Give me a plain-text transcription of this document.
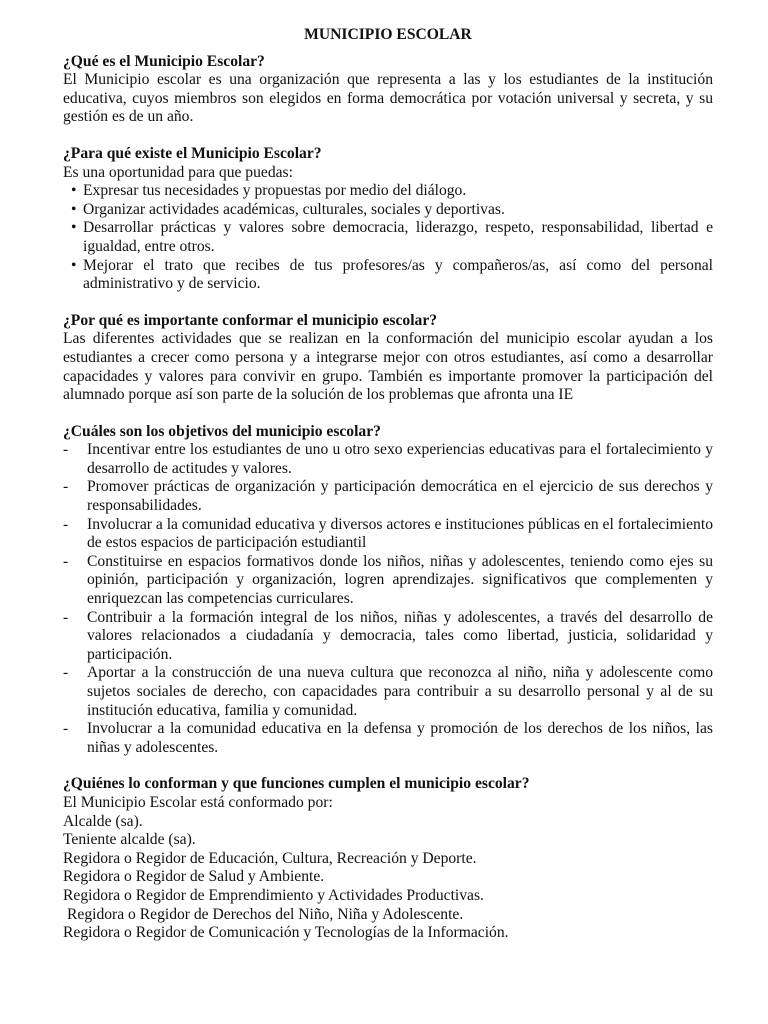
MUNICIPIO ESCOLAR
¿Qué es el Municipio Escolar?

El Municipio escolar es una organización que representa a las y los estudiantes de la institución educativa, cuyos miembros son elegidos en forma democrática por votación universal y secreta, y su gestión es de un año.

¿Para qué existe el Municipio Escolar?

Es una oportunidad para que puedas:

• Expresar tus necesidades y propuestas por medio del diálogo.
• Organizar actividades académicas, culturales, sociales y deportivas.
• Desarrollar prácticas y valores sobre democracia, liderazgo, respeto, responsabilidad, libertad e igualdad, entre otros.
• Mejorar el trato que recibes de tus profesores/as y compañeros/as, así como del personal administrativo y de servicio.
¿Por qué es importante conformar el municipio escolar?

Las diferentes actividades que se realizan en la conformación del municipio escolar ayudan a los estudiantes a crecer como persona y a integrarse mejor con otros estudiantes, así como a desarrollar capacidades y valores para convivir en grupo. También es importante promover la participación del alumnado porque así son parte de la solución de los problemas que afronta una IE

¿Cuáles son los objetivos del municipio escolar?
- Incentivar entre los estudiantes de uno u otro sexo experiencias educativas para el fortalecimiento y desarrollo de actitudes y valores.
- Promover prácticas de organización y participación democrática en el ejercicio de sus derechos y responsabilidades.
- Involucrar a la comunidad educativa y diversos actores e instituciones públicas en el fortalecimiento de estos espacios de participación estudiantil
- Constituirse en espacios formativos donde los niños, niñas y adolescentes, teniendo como ejes su opinión, participación y organización, logren aprendizajes. significativos que complementen y enriquezcan las competencias curriculares.
- Contribuir a la formación integral de los niños, niñas y adolescentes, a través del desarrollo de valores relacionados a ciudadanía y democracia, tales como libertad, justicia, solidaridad y participación.
- Aportar a la construcción de una nueva cultura que reconozca al niño, niña y adolescente como sujetos sociales de derecho, con capacidades para contribuir a su desarrollo personal y al de su institución educativa, familia y comunidad.
- Involucrar a la comunidad educativa en la defensa y promoción de los derechos de los niños, las niñas y adolescentes.
¿Quiénes lo conforman y que funciones cumplen el municipio escolar?
El Municipio Escolar está conformado por:
Alcalde (sa).
Teniente alcalde (sa).
Regidora o Regidor de Educación, Cultura, Recreación y Deporte.
Regidora o Regidor de Salud y Ambiente.
Regidora o Regidor de Emprendimiento y Actividades Productivas.
Regidora o Regidor de Derechos del Niño, Niña y Adolescente.
Regidora o Regidor de Comunicación y Tecnologías de la Información.
